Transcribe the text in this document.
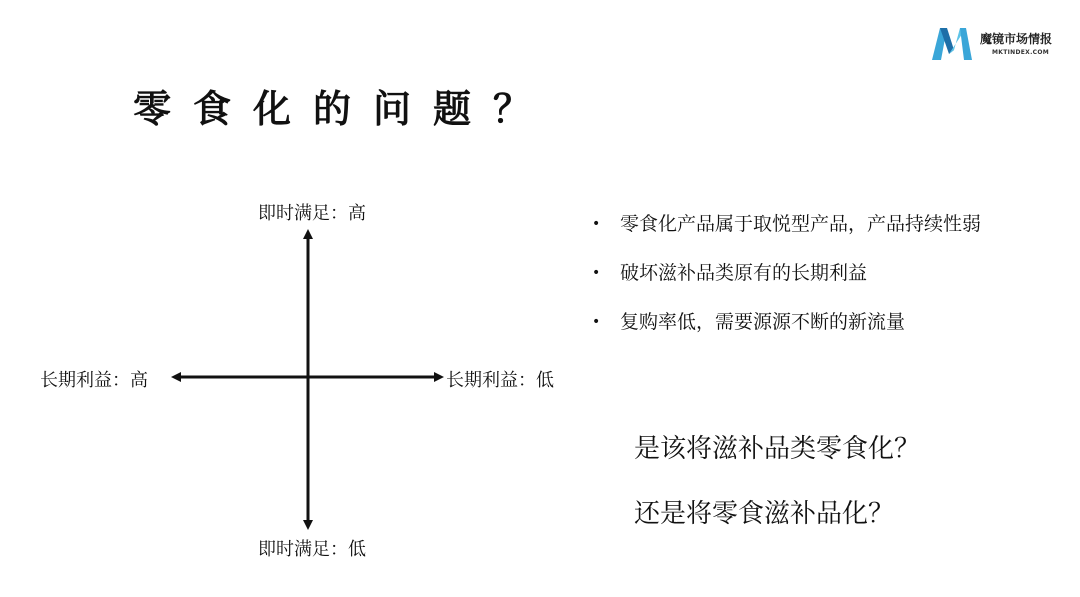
魔镜市场情报
MKTINDEX.COM
零食化的问题？
即时满足：高
即时满足：低
长期利益：高	长期利益：低
• 零食化产品属于取悦型产品，产品持续性弱
• 破坏滋补品类原有的长期利益
• 复购率低，需要源源不断的新流量
是该将滋补品类零食化？
还是将零食滋补品化？
